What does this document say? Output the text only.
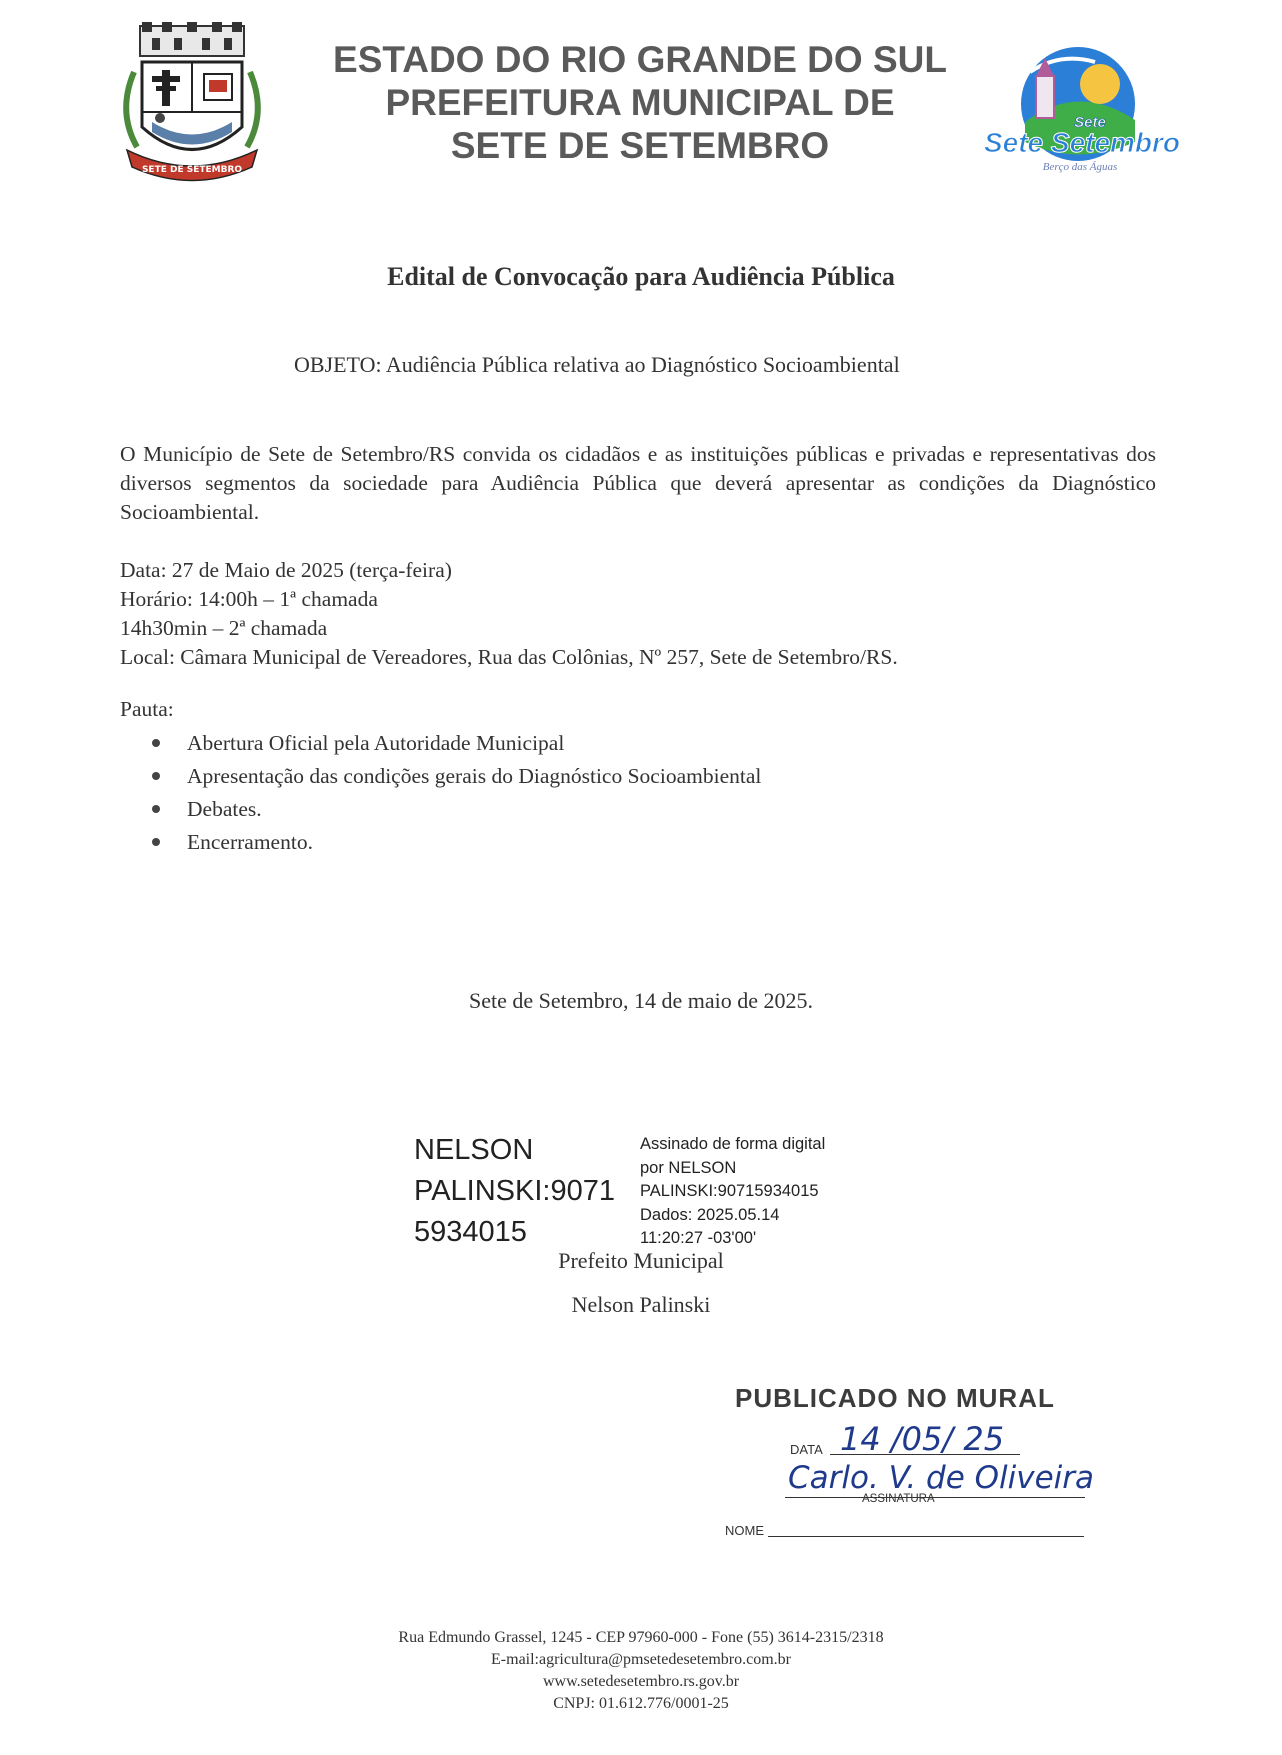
SETE DE SETEMBRO
ESTADO DO RIO GRANDE DO SUL
PREFEITURA MUNICIPAL DE
SETE DE SETEMBRO
Sete
Sete Setembro
Berço das Águas
Edital de Convocação para Audiência Pública
OBJETO: Audiência Pública relativa ao Diagnóstico Socioambiental
O Município de Sete de Setembro/RS convida os cidadãos e as instituições públicas e privadas e representativas dos diversos segmentos da sociedade para Audiência Pública que deverá apresentar as condições da Diagnóstico Socioambiental.
Data: 27 de Maio de 2025 (terça-feira)
Horário: 14:00h – 1ª chamada
14h30min – 2ª chamada
Local: Câmara Municipal de Vereadores, Rua das Colônias, Nº 257, Sete de Setembro/RS.
Pauta:
Abertura Oficial pela Autoridade Municipal
Apresentação das condições gerais do Diagnóstico Socioambiental
Debates.
Encerramento.
Sete de Setembro, 14 de maio de 2025.
NELSON
PALINSKI:9071
5934015
Assinado de forma digital
por NELSON
PALINSKI:90715934015
Dados: 2025.05.14
11:20:27 -03'00'
Prefeito Municipal
Nelson Palinski
PUBLICADO NO MURAL
DATA 14 /05/ 25
Carlo. V. de Oliveira
ASSINATURA
NOME
Rua Edmundo Grassel, 1245 - CEP 97960-000 - Fone (55) 3614-2315/2318
E-mail:agricultura@pmsetedesetembro.com.br
www.setedesetembro.rs.gov.br
CNPJ: 01.612.776/0001-25
